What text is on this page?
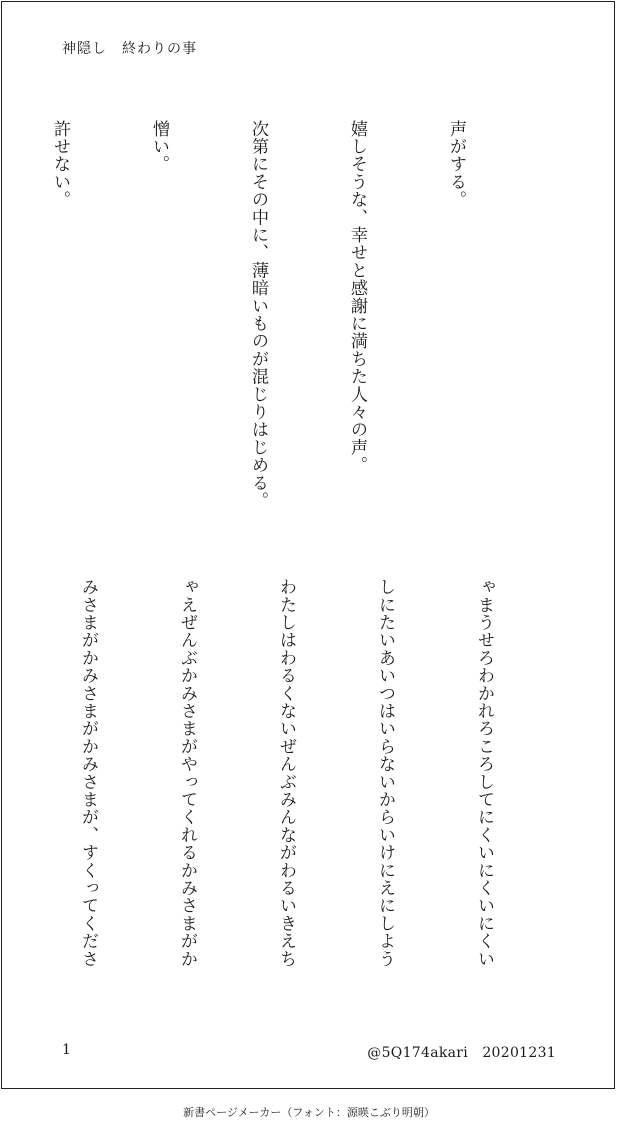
神隠し　終わりの事

　声がする。

　嬉しそうな、幸せと感謝に満ちた人々の声。

　次第にその中に、薄暗いものが混じりはじめる。

　憎い。

　許せない。

ゃまうせろわかれろころしてにくいにくいにくい

しにたいあいつはいらないからいけにえにしよう

わたしはわるくないぜんぶみんながわるいきえち

ゃえぜんぶかみさまがやってくれるかみさまがか

みさまがかみさまがかみさまが、すくってくださ

1	@5Q174akari　20201231
新書ページメーカー（フォント：源暎こぶり明朝）
